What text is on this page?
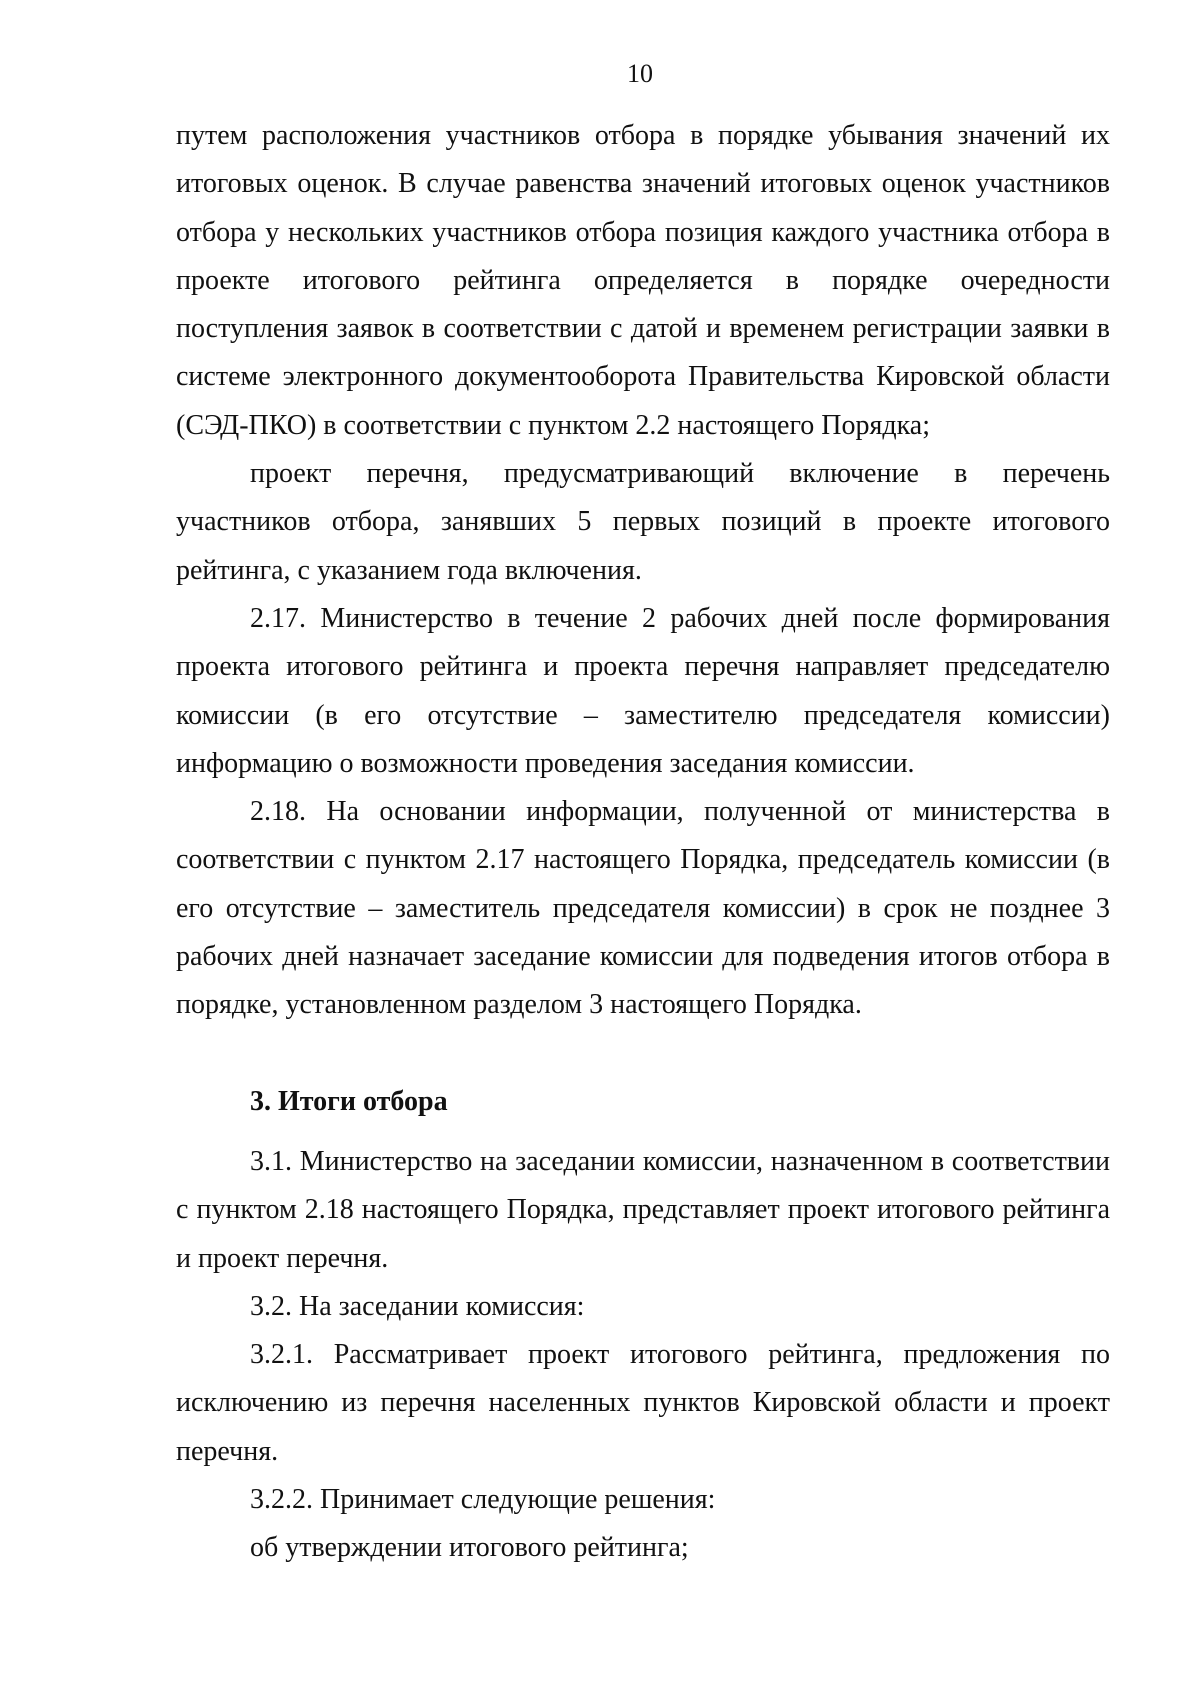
10

путем расположения участников отбора в порядке убывания значений их итоговых оценок. В случае равенства значений итоговых оценок участников отбора у нескольких участников отбора позиция каждого участника отбора в проекте итогового рейтинга определяется в порядке очередности поступления заявок в соответствии с датой и временем регистрации заявки в системе электронного документооборота Правительства Кировской области (СЭД-ПКО) в соответствии с пунктом 2.2 настоящего Порядка;

проект перечня, предусматривающий включение в перечень участников отбора, занявших 5 первых позиций в проекте итогового рейтинга, с указанием года включения.

2.17. Министерство в течение 2 рабочих дней после формирования проекта итогового рейтинга и проекта перечня направляет председателю комиссии (в его отсутствие – заместителю председателя комиссии) информацию о возможности проведения заседания комиссии.

2.18. На основании информации, полученной от министерства в соответствии с пунктом 2.17 настоящего Порядка, председатель комиссии (в его отсутствие – заместитель председателя комиссии) в срок не позднее 3 рабочих дней назначает заседание комиссии для подведения итогов отбора в порядке, установленном разделом 3 настоящего Порядка.

3. Итоги отбора

3.1. Министерство на заседании комиссии, назначенном в соответствии с пунктом 2.18 настоящего Порядка, представляет проект итогового рейтинга и проект перечня.

3.2. На заседании комиссия:

3.2.1. Рассматривает проект итогового рейтинга, предложения по исключению из перечня населенных пунктов Кировской области и проект перечня.

3.2.2. Принимает следующие решения:

об утверждении итогового рейтинга;
